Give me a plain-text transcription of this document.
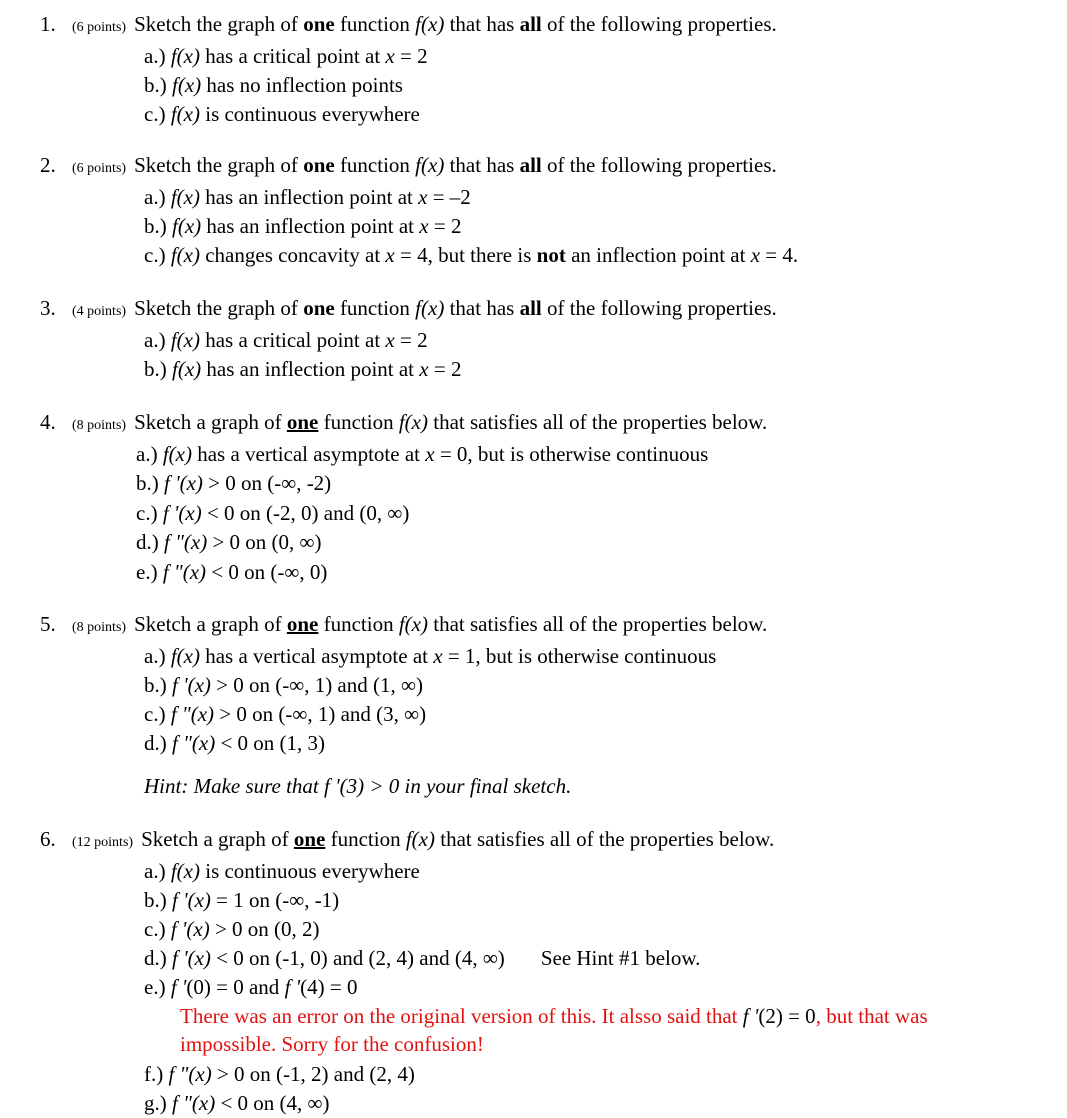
1. (6 points) Sketch the graph of one function f(x) that has all of the following properties.
a.) f(x) has a critical point at x = 2
b.) f(x) has no inflection points
c.) f(x) is continuous everywhere
2. (6 points) Sketch the graph of one function f(x) that has all of the following properties.
a.) f(x) has an inflection point at x = –2
b.) f(x) has an inflection point at x = 2
c.) f(x) changes concavity at x = 4, but there is not an inflection point at x = 4.
3. (4 points) Sketch the graph of one function f(x) that has all of the following properties.
a.) f(x) has a critical point at x = 2
b.) f(x) has an inflection point at x = 2
4. (8 points) Sketch a graph of one function f(x) that satisfies all of the properties below.
a.) f(x) has a vertical asymptote at x = 0, but is otherwise continuous
b.) f '(x) > 0 on (-∞, -2)
c.) f '(x) < 0 on (-2, 0) and (0, ∞)
d.) f "(x) > 0 on (0, ∞)
e.) f "(x) < 0 on (-∞, 0)
5. (8 points) Sketch a graph of one function f(x) that satisfies all of the properties below.
a.) f(x) has a vertical asymptote at x = 1, but is otherwise continuous
b.) f '(x) > 0 on (-∞, 1) and (1, ∞)
c.) f "(x) > 0 on (-∞, 1) and (3, ∞)
d.) f "(x) < 0 on (1, 3)
Hint: Make sure that f '(3) > 0 in your final sketch.
6. (12 points) Sketch a graph of one function f(x) that satisfies all of the properties below.
a.) f(x) is continuous everywhere
b.) f '(x) = 1 on (-∞, -1)
c.) f '(x) > 0 on (0, 2)
d.) f '(x) < 0 on (-1, 0) and (2, 4) and (4, ∞) See Hint #1 below.
e.) f '(0) = 0 and f '(4) = 0
There was an error on the original version of this. It alsso said that f '(2) = 0, but that was impossible. Sorry for the confusion!
f.) f "(x) > 0 on (-1, 2) and (2, 4)
g.) f "(x) < 0 on (4, ∞)
